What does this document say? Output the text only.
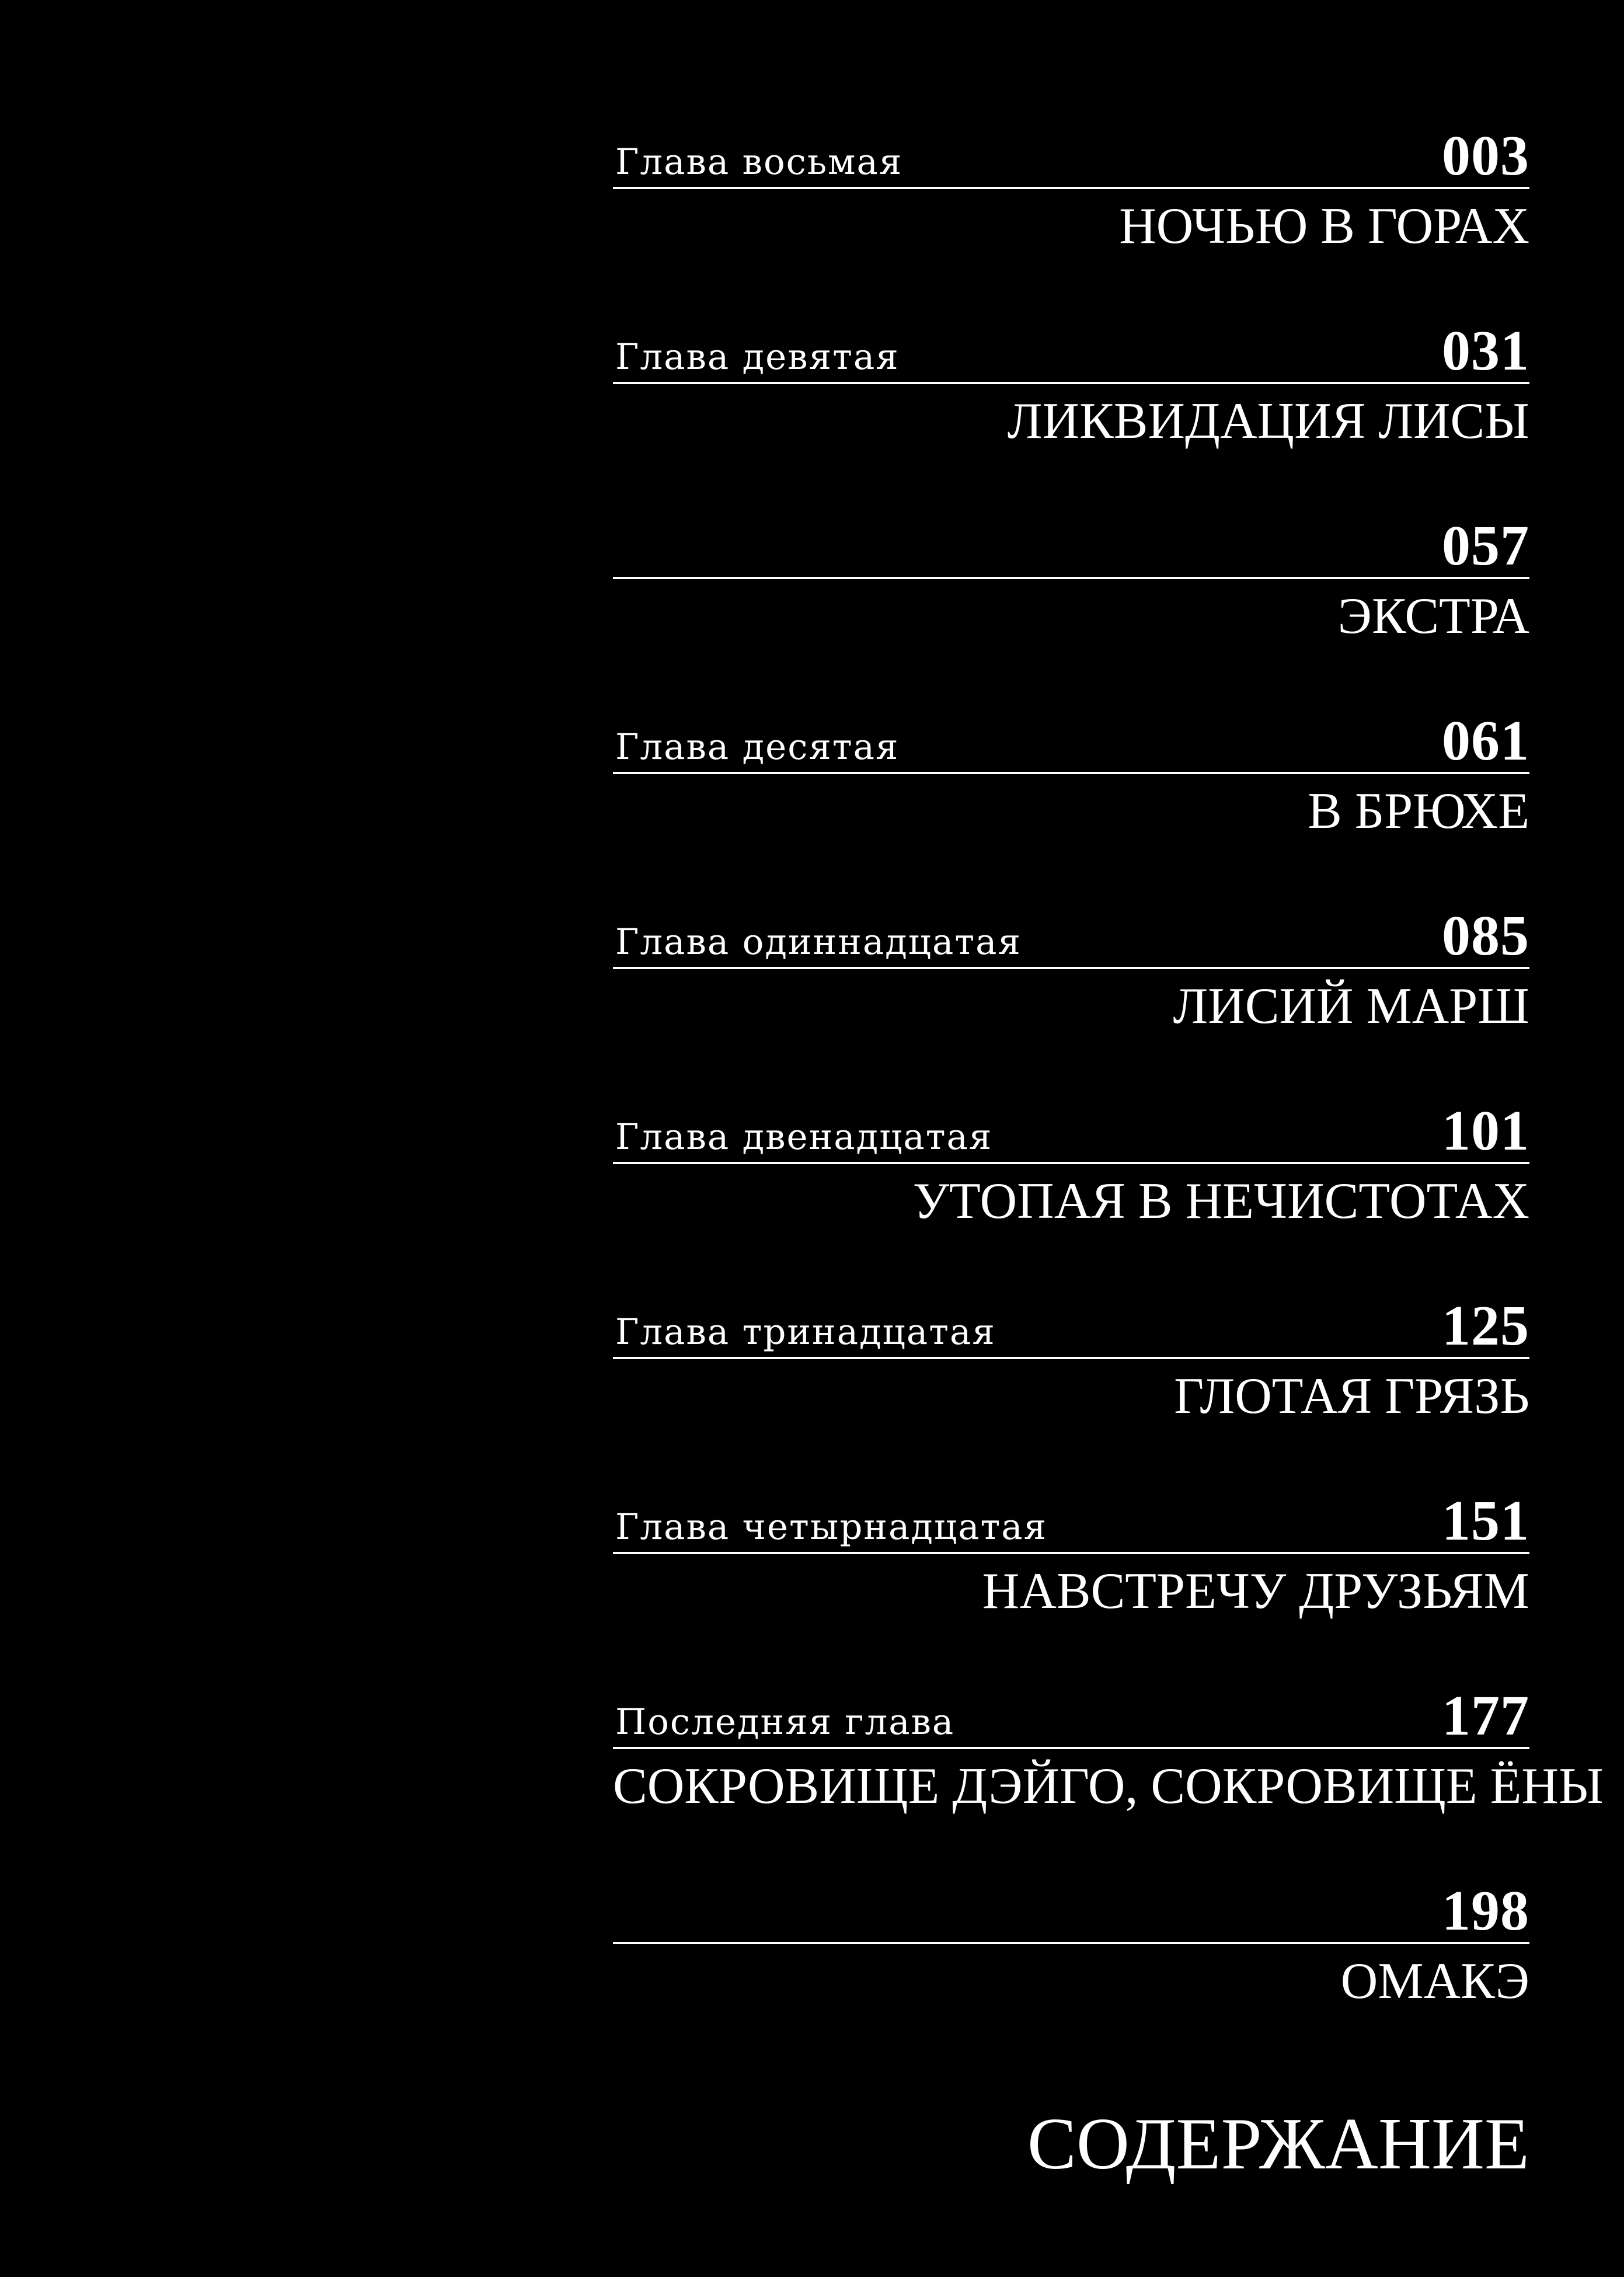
Глава восьмая	003
НОЧЬЮ В ГОРАХ
Глава девятая	031
ЛИКВИДАЦИЯ ЛИСЫ
057
ЭКСТРА
Глава десятая	061
В БРЮХЕ
Глава одиннадцатая	085
ЛИСИЙ МАРШ
Глава двенадцатая	101
УТОПАЯ В НЕЧИСТОТАХ
Глава тринадцатая	125
ГЛОТАЯ ГРЯЗЬ
Глава четырнадцатая	151
НАВСТРЕЧУ ДРУЗЬЯМ
Последняя глава	177
СОКРОВИЩЕ ДЭЙГО, СОКРОВИЩЕ ЁНЫ
198
ОМАКЭ
СОДЕРЖАНИЕ
